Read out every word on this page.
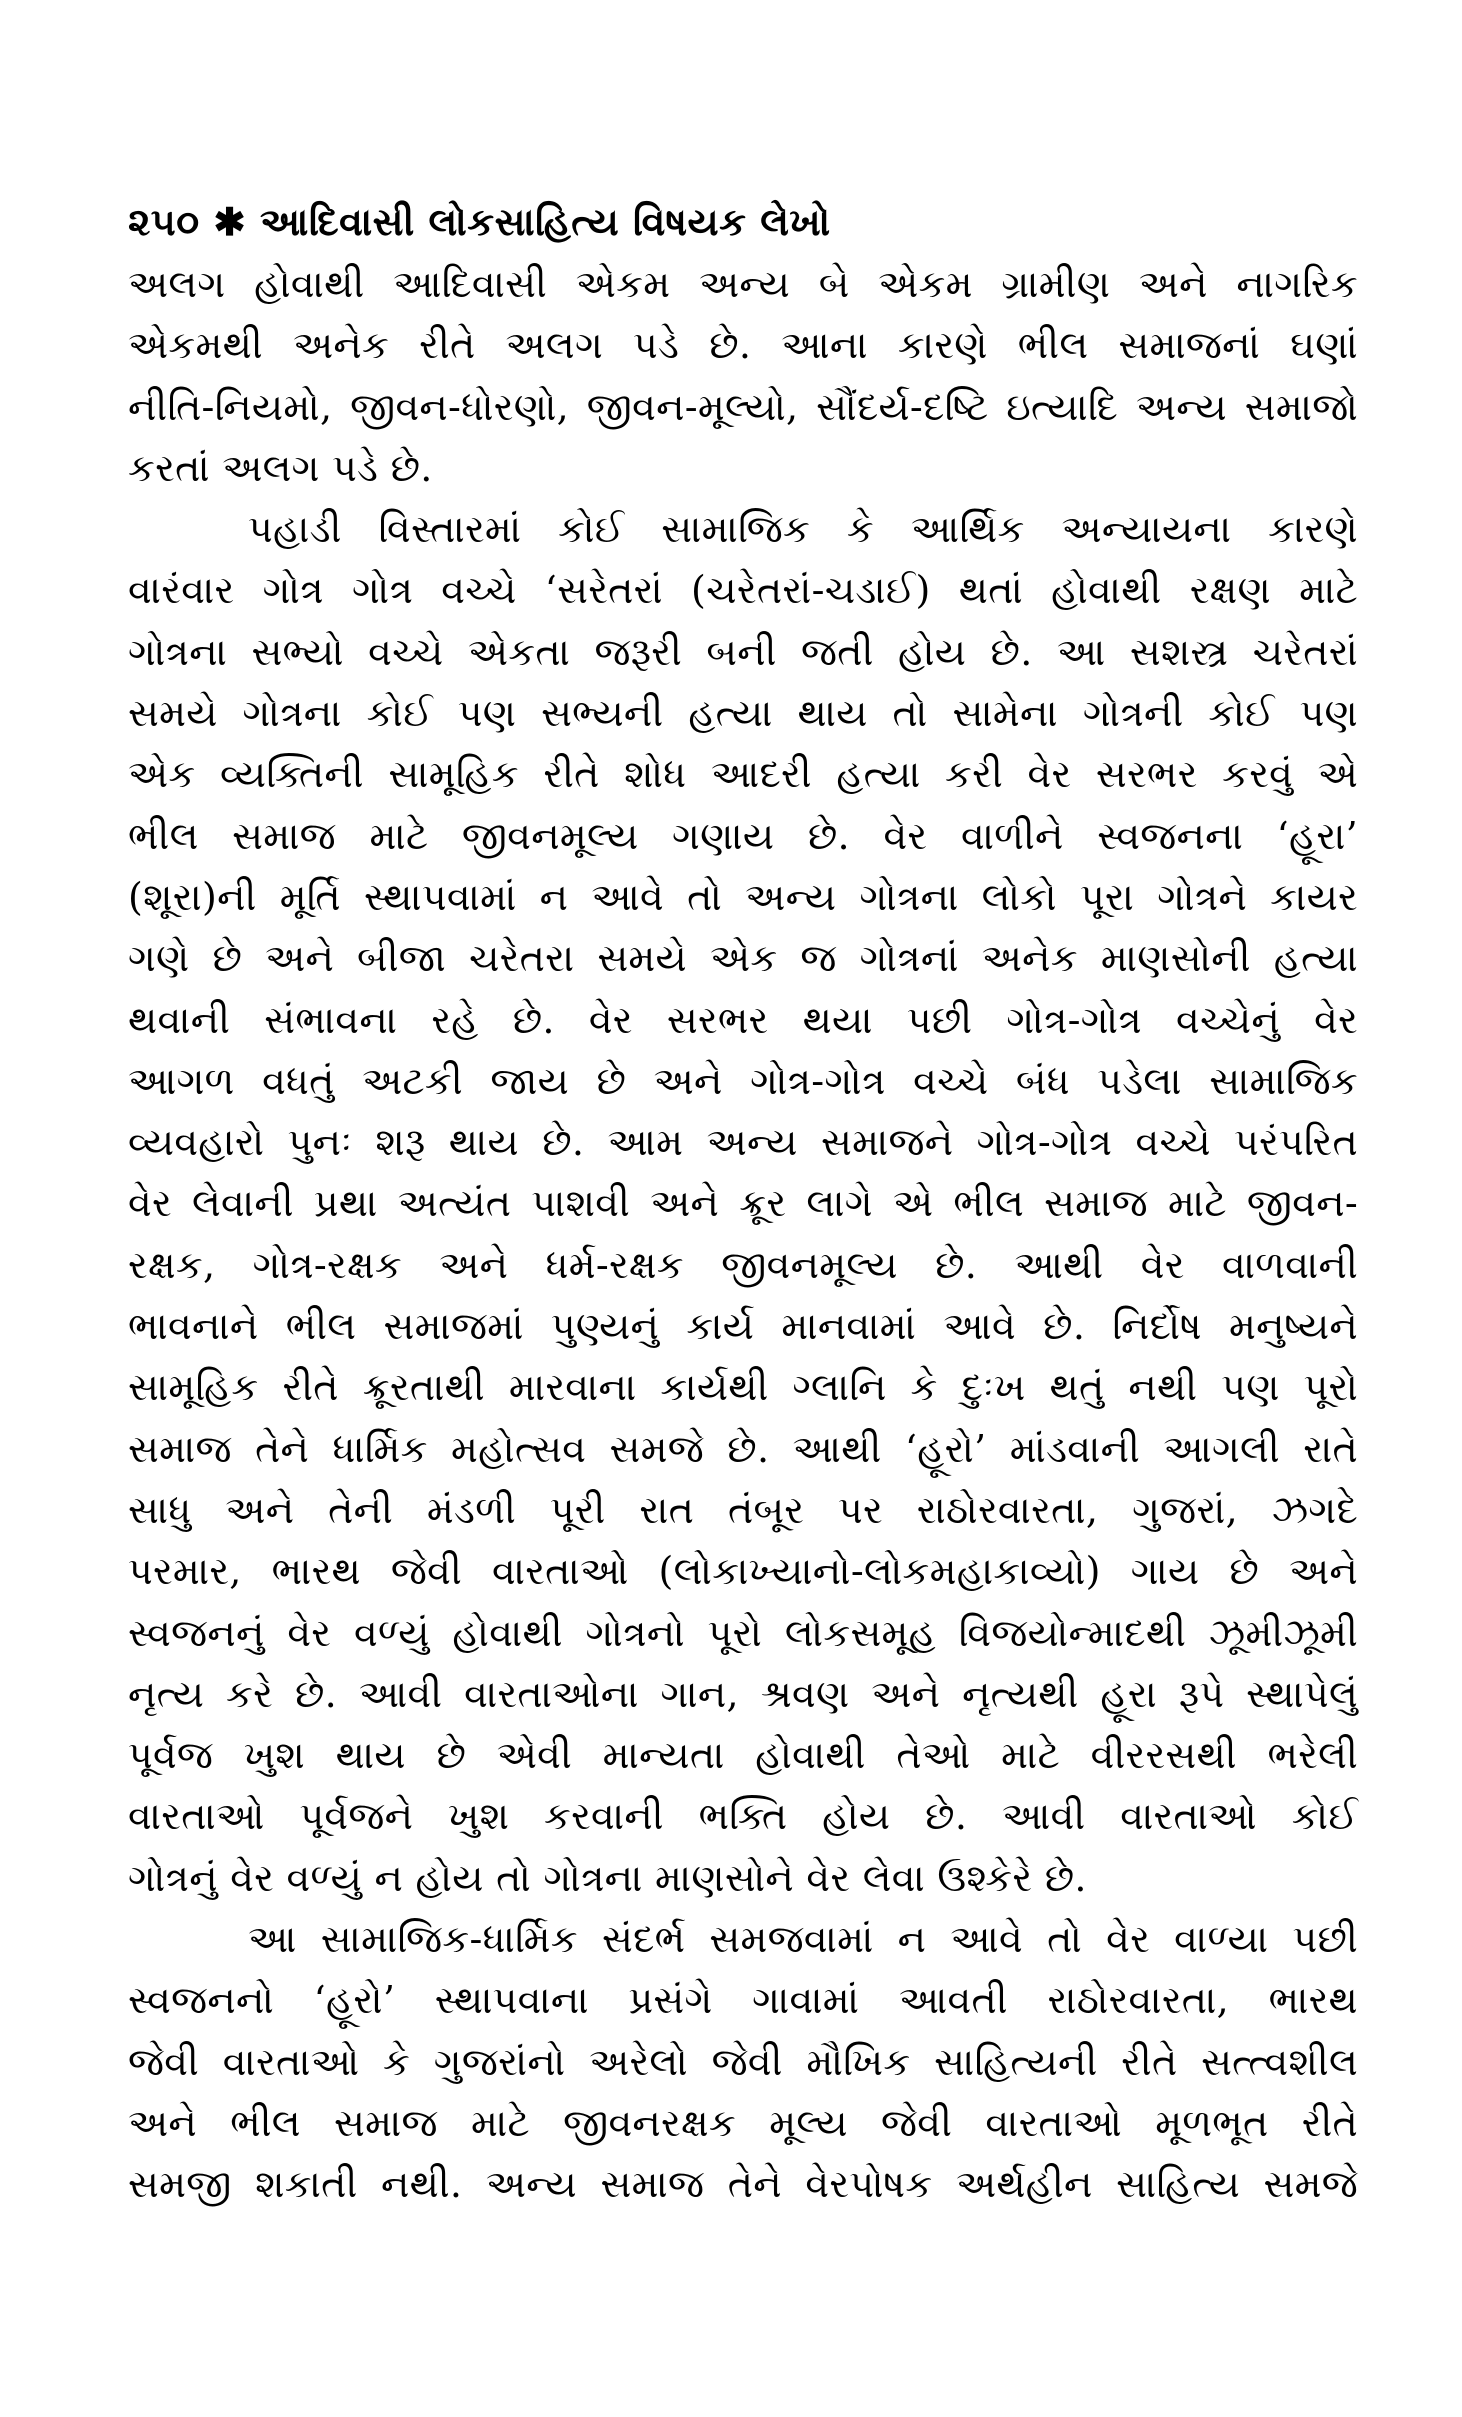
૨૫૦ ✱ આદિવાસી લોકસાહિત્ય વિષયક લેખો

અલગ હોવાથી આદિવાસી એકમ અન્ય બે એકમ ગ્રામીણ અને નાગરિક
એકમથી અનેક રીતે અલગ પડે છે. આના કારણે ભીલ સમાજનાં ઘણાં
નીતિ-નિયમો, જીવન-ધોરણો, જીવન-મૂલ્યો, સૌંદર્ય-દષ્ટિ ઇત્યાદિ અન્ય સમાજો
કરતાં અલગ પડે છે.

પહાડી વિસ્તારમાં કોઈ સામાજિક કે આર્થિક અન્યાયના કારણે
વારંવાર ગોત્ર ગોત્ર વચ્ચે ‘સરેતરાં (ચરેતરાં-ચડાઈ) થતાં હોવાથી રક્ષણ માટે
ગોત્રના સભ્યો વચ્ચે એકતા જરૂરી બની જતી હોય છે. આ સશસ્ત્ર ચરેતરાં
સમયે ગોત્રના કોઈ પણ સભ્યની હત્યા થાય તો સામેના ગોત્રની કોઈ પણ
એક વ્યક્તિની સામૂહિક રીતે શોધ આદરી હત્યા કરી વેર સરભર કરવું એ
ભીલ સમાજ માટે જીવનમૂલ્ય ગણાય છે. વેર વાળીને સ્વજનના ‘હૂરા’
(શૂરા)ની મૂર્તિ સ્થાપવામાં ન આવે તો અન્ય ગોત્રના લોકો પૂરા ગોત્રને કાયર
ગણે છે અને બીજા ચરેતરા સમયે એક જ ગોત્રનાં અનેક માણસોની હત્યા
થવાની સંભાવના રહે છે. વેર સરભર થયા પછી ગોત્ર-ગોત્ર વચ્ચેનું વેર
આગળ વધતું અટકી જાય છે અને ગોત્ર-ગોત્ર વચ્ચે બંધ પડેલા સામાજિક
વ્યવહારો પુનઃ શરૂ થાય છે. આમ અન્ય સમાજને ગોત્ર-ગોત્ર વચ્ચે પરંપરિત
વેર લેવાની પ્રથા અત્યંત પાશવી અને ક્રૂર લાગે એ ભીલ સમાજ માટે જીવન-
રક્ષક, ગોત્ર-રક્ષક અને ધર્મ-રક્ષક જીવનમૂલ્ય છે. આથી વેર વાળવાની
ભાવનાને ભીલ સમાજમાં પુણ્યનું કાર્ય માનવામાં આવે છે. નિર્દોષ મનુષ્યને
સામૂહિક રીતે ક્રૂરતાથી મારવાના કાર્યથી ગ્લાનિ કે દુઃખ થતું નથી પણ પૂરો
સમાજ તેને ધાર્મિક મહોત્સવ સમજે છે. આથી ‘હૂરો’ માંડવાની આગલી રાતે
સાધુ અને તેની મંડળી પૂરી રાત તંબૂર પર રાઠોરવારતા, ગુજરાં, ઝગદે
પરમાર, ભારથ જેવી વારતાઓ (લોકાખ્યાનો-લોકમહાકાવ્યો) ગાય છે અને
સ્વજનનું વેર વળ્યું હોવાથી ગોત્રનો પૂરો લોકસમૂહ વિજયોન્માદથી ઝૂમીઝૂમી
નૃત્ય કરે છે. આવી વારતાઓના ગાન, શ્રવણ અને નૃત્યથી હૂરા રૂપે સ્થાપેલું
પૂર્વજ ખુશ થાય છે એવી માન્યતા હોવાથી તેઓ માટે વીરરસથી ભરેલી
વારતાઓ પૂર્વજને ખુશ કરવાની ભક્તિ હોય છે. આવી વારતાઓ કોઈ
ગોત્રનું વેર વળ્યું ન હોય તો ગોત્રના માણસોને વેર લેવા ઉશ્કેરે છે.

આ સામાજિક-ધાર્મિક સંદર્ભ સમજવામાં ન આવે તો વેર વાળ્યા પછી
સ્વજનનો ‘હૂરો’ સ્થાપવાના પ્રસંગે ગાવામાં આવતી રાઠોરવારતા, ભારથ
જેવી વારતાઓ કે ગુજરાંનો અરેલો જેવી મૌખિક સાહિત્યની રીતે સત્ત્વશીલ
અને ભીલ સમાજ માટે જીવનરક્ષક મૂલ્ય જેવી વારતાઓ મૂળભૂત રીતે
સમજી શકાતી નથી. અન્ય સમાજ તેને વેરપોષક અર્થહીન સાહિત્ય સમજે
